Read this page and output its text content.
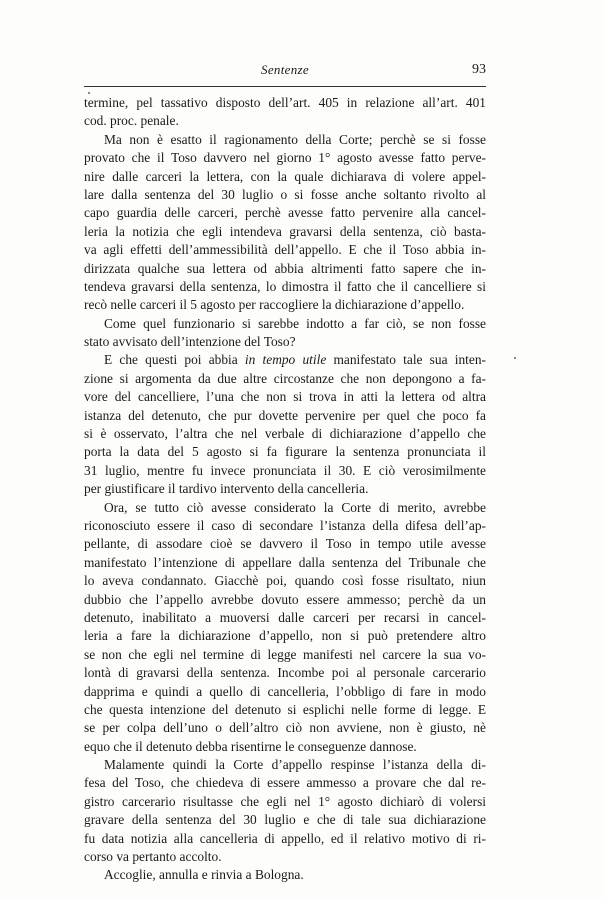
Sentenze	93
termine, pel tassativo disposto dell’art. 405 in relazione all’art. 401
cod. proc. penale.
Ma non è esatto il ragionamento della Corte; perchè se si fosse
provato che il Toso davvero nel giorno 1° agosto avesse fatto perve-
nire dalle carceri la lettera, con la quale dichiarava di volere appel-
lare dalla sentenza del 30 luglio o si fosse anche soltanto rivolto al
capo guardia delle carceri, perchè avesse fatto pervenire alla cancel-
leria la notizia che egli intendeva gravarsi della sentenza, ciò basta-
va agli effetti dell’ammessibilità dell’appello. E che il Toso abbia in-
dirizzata qualche sua lettera od abbia altrimenti fatto sapere che in-
tendeva gravarsi della sentenza, lo dimostra il fatto che il cancelliere si
recò nelle carceri il 5 agosto per raccogliere la dichiarazione d’appello.
Come quel funzionario si sarebbe indotto a far ciò, se non fosse
stato avvisato dell’intenzione del Toso?
E che questi poi abbia in tempo utile manifestato tale sua inten-
zione si argomenta da due altre circostanze che non depongono a fa-
vore del cancelliere, l’una che non si trova in atti la lettera od altra
istanza del detenuto, che pur dovette pervenire per quel che poco fa
si è osservato, l’altra che nel verbale di dichiarazione d’appello che
porta la data del 5 agosto si fa figurare la sentenza pronunciata il
31 luglio, mentre fu invece pronunciata il 30. E ciò verosimilmente
per giustificare il tardivo intervento della cancelleria.
Ora, se tutto ciò avesse considerato la Corte di merito, avrebbe
riconosciuto essere il caso di secondare l’istanza della difesa dell’ap-
pellante, di assodare cioè se davvero il Toso in tempo utile avesse
manifestato l’intenzione di appellare dalla sentenza del Tribunale che
lo aveva condannato. Giacchè poi, quando così fosse risultato, niun
dubbio che l’appello avrebbe dovuto essere ammesso; perchè da un
detenuto, inabilitato a muoversi dalle carceri per recarsi in cancel-
leria a fare la dichiarazione d’appello, non si può pretendere altro
se non che egli nel termine di legge manifesti nel carcere la sua vo-
lontà di gravarsi della sentenza. Incombe poi al personale carcerario
dapprima e quindi a quello di cancelleria, l’obbligo di fare in modo
che questa intenzione del detenuto si esplichi nelle forme di legge. E
se per colpa dell’uno o dell’altro ciò non avviene, non è giusto, nè
equo che il detenuto debba risentirne le conseguenze dannose.
Malamente quindi la Corte d’appello respinse l’istanza della di-
fesa del Toso, che chiedeva di essere ammesso a provare che dal re-
gistro carcerario risultasse che egli nel 1° agosto dichiarò di volersi
gravare della sentenza del 30 luglio e che di tale sua dichiarazione
fu data notizia alla cancelleria di appello, ed il relativo motivo di ri-
corso va pertanto accolto.
Accoglie, annulla e rinvia a Bologna.
